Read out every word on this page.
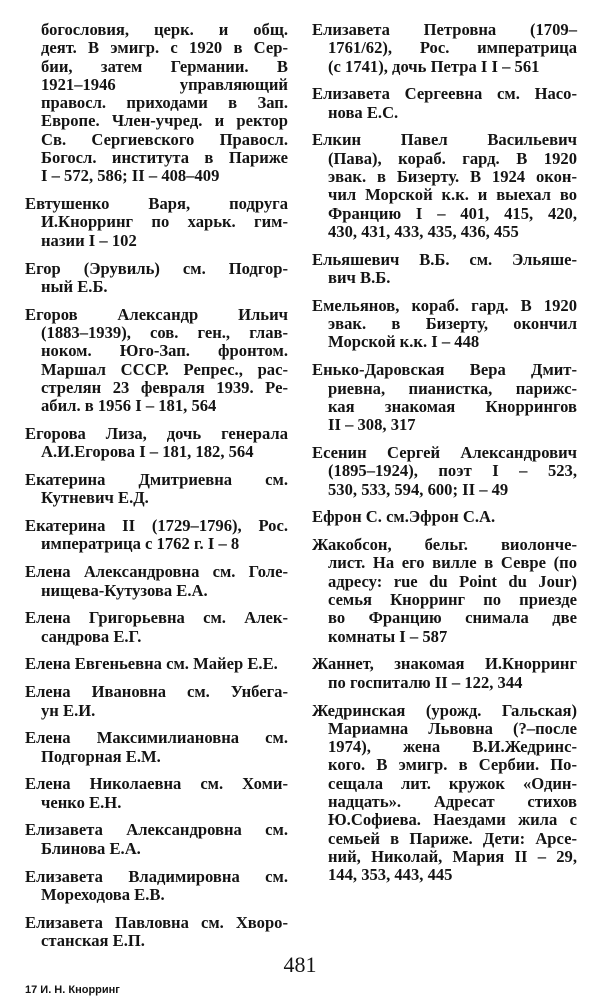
богословия, церк. и общ.
деят. В эмигр. с 1920 в Сер-
бии, затем Германии. В
1921–1946 управляющий
правосл. приходами в Зап.
Европе. Член-учред. и ректор
Св. Сергиевского Правосл.
Богосл. института в Париже
I – 572, 586; II – 408–409
Евтушенко Варя, подруга
И.Кнорринг по харьк. гим-
назии I – 102
Егор (Эрувиль) см. Подгор-
ный Е.Б.
Егоров Александр Ильич
(1883–1939), сов. ген., глав-
ноком. Юго-Зап. фронтом.
Маршал СССР. Репрес., рас-
стрелян 23 февраля 1939. Ре-
абил. в 1956 I – 181, 564
Егорова Лиза, дочь генерала
А.И.Егорова I – 181, 182, 564
Екатерина Дмитриевна см.
Кутневич Е.Д.
Екатерина II (1729–1796), Рос.
императрица с 1762 г. I – 8
Елена Александровна см. Голе-
нищева-Кутузова Е.А.
Елена Григорьевна см. Алек-
сандрова Е.Г.
Елена Евгеньевна см. Майер Е.Е.
Елена Ивановна см. Унбега-
ун Е.И.
Елена Максимилиановна см.
Подгорная Е.М.
Елена Николаевна см. Хоми-
ченко Е.Н.
Елизавета Александровна см.
Блинова Е.А.
Елизавета Владимировна см.
Мореходова Е.В.
Елизавета Павловна см. Хворо-
станская Е.П.
Елизавета Петровна (1709–
1761/62), Рос. императрица
(с 1741), дочь Петра I I – 561
Елизавета Сергеевна см. Насо-
нова Е.С.
Елкин Павел Васильевич
(Пава), кораб. гард. В 1920
эвак. в Бизерту. В 1924 окон-
чил Морской к.к. и выехал во
Францию I – 401, 415, 420,
430, 431, 433, 435, 436, 455
Ельяшевич В.Б. см. Эльяше-
вич В.Б.
Емельянов, кораб. гард. В 1920
эвак. в Бизерту, окончил
Морской к.к. I – 448
Енько-Даровская Вера Дмит-
риевна, пианистка, парижс-
кая знакомая Кноррингов
II – 308, 317
Есенин Сергей Александрович
(1895–1924), поэт I – 523,
530, 533, 594, 600; II – 49
Ефрон С. см.Эфрон С.А.
Жакобсон, бельг. виолонче-
лист. На его вилле в Севре (по
адресу: rue du Point du Jour)
семья Кнорринг по приезде
во Францию снимала две
комнаты I – 587
Жаннет, знакомая И.Кнорринг
по госпиталю II – 122, 344
Жедринская (урожд. Гальская)
Мариамна Львовна (?–после
1974), жена В.И.Жедринс-
кого. В эмигр. в Сербии. По-
сещала лит. кружок «Один-
надцать». Адресат стихов
Ю.Софиева. Наездами жила с
семьей в Париже. Дети: Арсе-
ний, Николай, Мария II – 29,
144, 353, 443, 445
481
17 И. Н. Кнорринг
